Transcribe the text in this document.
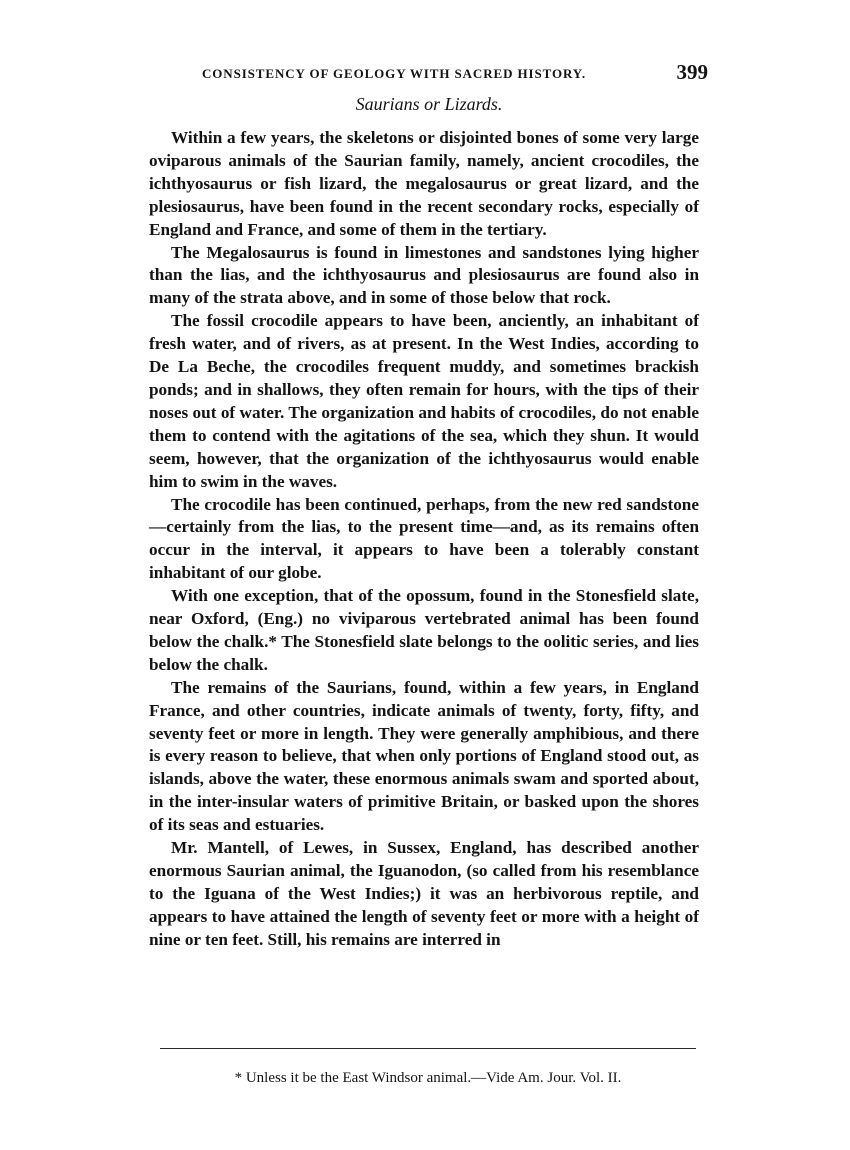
CONSISTENCY OF GEOLOGY WITH SACRED HISTORY.	399
Saurians or Lizards.

Within a few years, the skeletons or disjointed bones of some very large oviparous animals of the Saurian family, namely, ancient crocodiles, the ichthyosaurus or fish lizard, the megalosaurus or great lizard, and the plesiosaurus, have been found in the recent secondary rocks, especially of England and France, and some of them in the tertiary.

The Megalosaurus is found in limestones and sandstones lying higher than the lias, and the ichthyosaurus and plesiosaurus are found also in many of the strata above, and in some of those below that rock.

The fossil crocodile appears to have been, anciently, an inhabitant of fresh water, and of rivers, as at present. In the West Indies, according to De La Beche, the crocodiles frequent muddy, and sometimes brackish ponds; and in shallows, they often remain for hours, with the tips of their noses out of water. The organization and habits of crocodiles, do not enable them to contend with the agitations of the sea, which they shun. It would seem, however, that the organization of the ichthyosaurus would enable him to swim in the waves.

The crocodile has been continued, perhaps, from the new red sandstone—certainly from the lias, to the present time—and, as its remains often occur in the interval, it appears to have been a tolerably constant inhabitant of our globe.

With one exception, that of the opossum, found in the Stonesfield slate, near Oxford, (Eng.) no viviparous vertebrated animal has been found below the chalk.* The Stonesfield slate belongs to the oolitic series, and lies below the chalk.

The remains of the Saurians, found, within a few years, in England France, and other countries, indicate animals of twenty, forty, fifty, and seventy feet or more in length. They were generally amphibious, and there is every reason to believe, that when only portions of England stood out, as islands, above the water, these enormous animals swam and sported about, in the inter-insular waters of primitive Britain, or basked upon the shores of its seas and estuaries.

Mr. Mantell, of Lewes, in Sussex, England, has described another enormous Saurian animal, the Iguanodon, (so called from his resemblance to the Iguana of the West Indies;) it was an herbivorous reptile, and appears to have attained the length of seventy feet or more with a height of nine or ten feet. Still, his remains are interred in

* Unless it be the East Windsor animal.—Vide Am. Jour. Vol. II.
